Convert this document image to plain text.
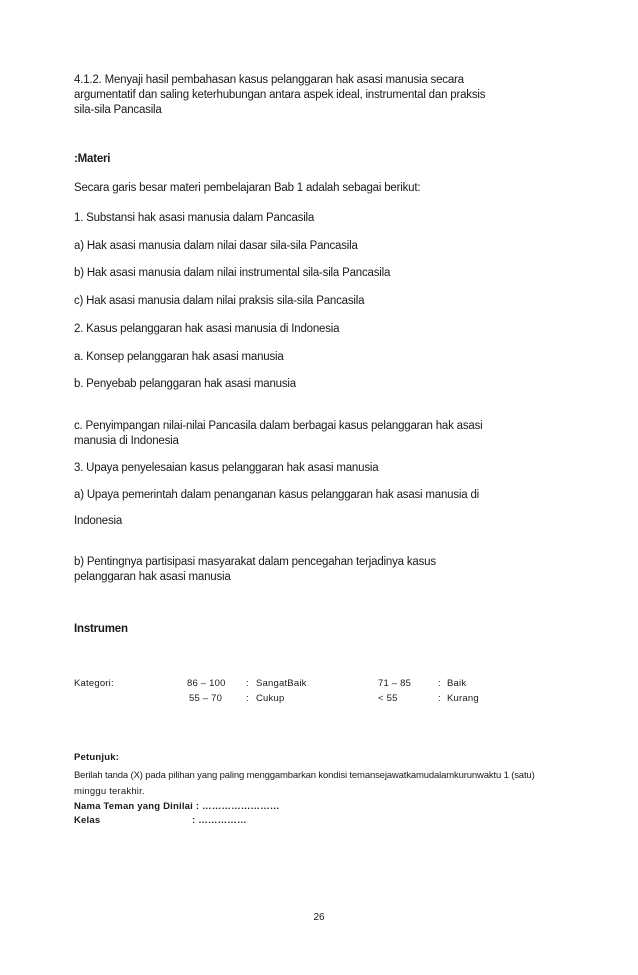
4.1.2. Menyaji hasil pembahasan kasus pelanggaran hak asasi manusia secara
argumentatif dan saling keterhubungan antara aspek ideal, instrumental dan praksis
sila-sila Pancasila
:Materi
Secara garis besar materi pembelajaran Bab 1 adalah sebagai berikut:
1. Substansi hak asasi manusia dalam Pancasila
a) Hak asasi manusia dalam nilai dasar sila-sila Pancasila
b) Hak asasi manusia dalam nilai instrumental sila-sila Pancasila
c) Hak asasi manusia dalam nilai praksis sila-sila Pancasila
2. Kasus pelanggaran hak asasi manusia di Indonesia
a. Konsep pelanggaran hak asasi manusia
b. Penyebab pelanggaran hak asasi manusia
c. Penyimpangan nilai-nilai Pancasila dalam berbagai kasus pelanggaran hak asasi
manusia di Indonesia
3. Upaya penyelesaian kasus pelanggaran hak asasi manusia
a) Upaya pemerintah dalam penanganan kasus pelanggaran hak asasi manusia di
Indonesia
b) Pentingnya partisipasi masyarakat dalam pencegahan terjadinya kasus
pelanggaran hak asasi manusia
Instrumen
Kategori:	86 – 100 : SangatBaik	71 – 85	: Baik
55 – 70	: Cukup	< 55	: Kurang
Petunjuk:
Berilah tanda (X) pada pilihan yang paling menggambarkan kondisi temansejawatkamudalamkurunwaktu 1 (satu)
minggu terakhir.
Nama Teman yang Dinilai : ……………………
Kelas	: ……………
26
